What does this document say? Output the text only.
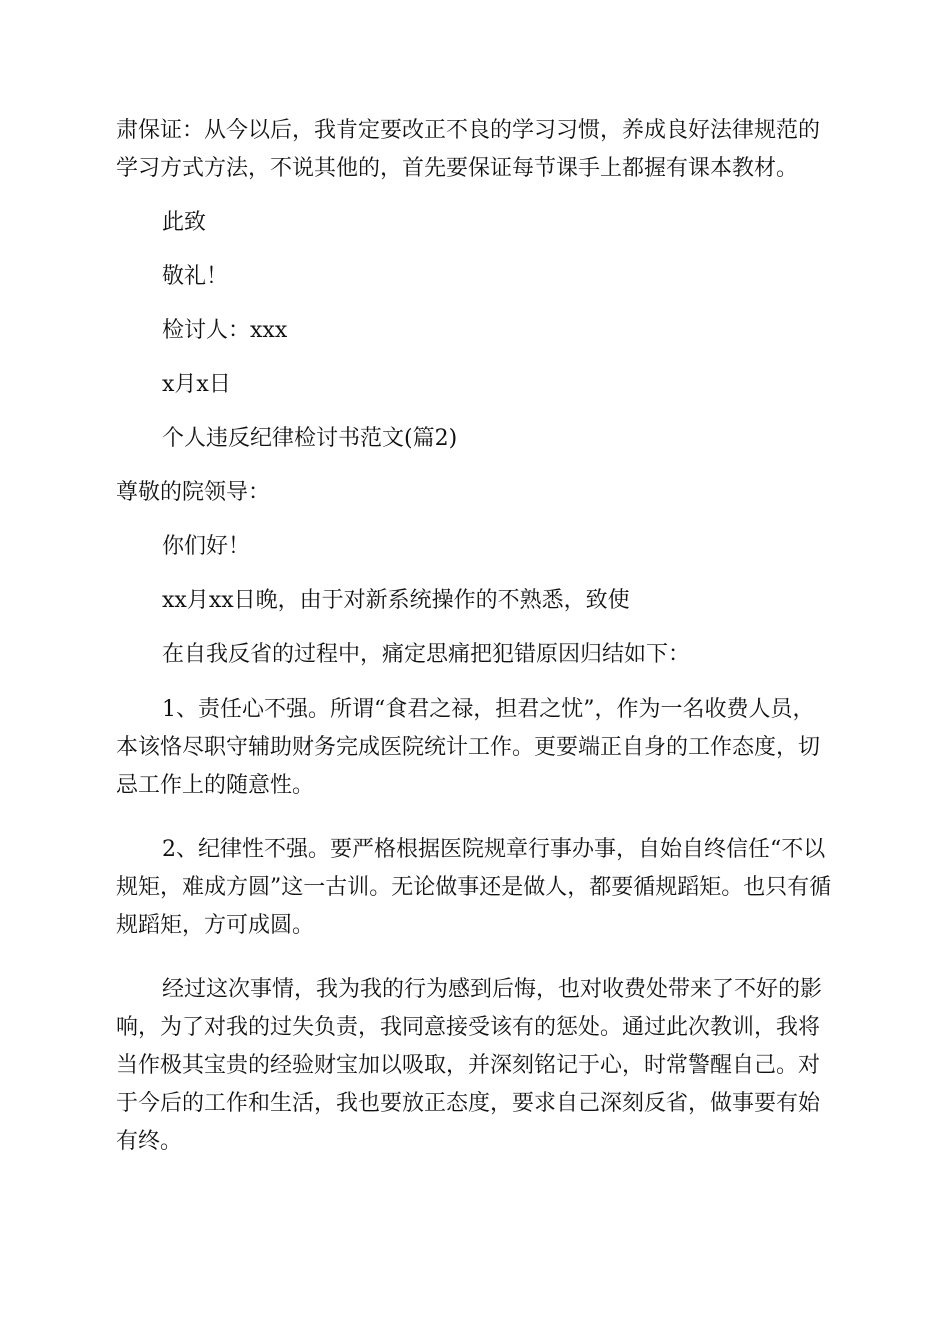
肃保证：从今以后，我肯定要改正不良的学习习惯，养成良好法律规范的学习方式方法，不说其他的，首先要保证每节课手上都握有课本教材。

此致

敬礼！

检讨人：xxx

x月x日

个人违反纪律检讨书范文(篇2)

尊敬的院领导：

你们好！

xx月xx日晚，由于对新系统操作的不熟悉，致使

在自我反省的过程中，痛定思痛把犯错原因归结如下：

1、责任心不强。所谓“食君之禄，担君之忧”，作为一名收费人员，本该恪尽职守辅助财务完成医院统计工作。更要端正自身的工作态度，切忌工作上的随意性。

2、纪律性不强。要严格根据医院规章行事办事，自始自终信任“不以规矩，难成方圆”这一古训。无论做事还是做人，都要循规蹈矩。也只有循规蹈矩，方可成圆。

经过这次事情，我为我的行为感到后悔，也对收费处带来了不好的影响，为了对我的过失负责，我同意接受该有的惩处。通过此次教训，我将当作极其宝贵的经验财宝加以吸取，并深刻铭记于心，时常警醒自己。对于今后的工作和生活，我也要放正态度，要求自己深刻反省，做事要有始有终。
